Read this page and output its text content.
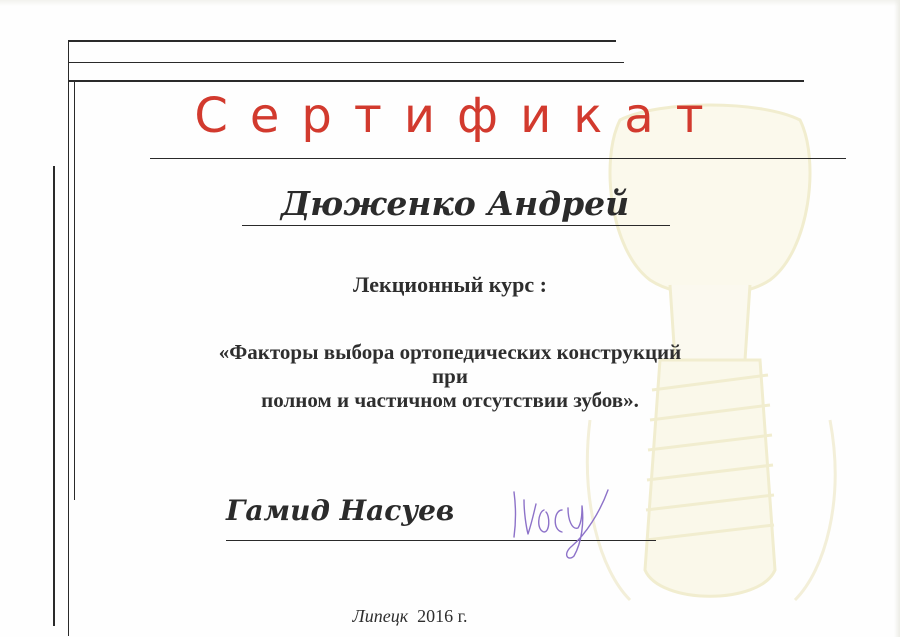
Сертификат
Дюженко Андрей
Лекционный курс :
«Факторы выбора ортопедических конструкций
при
полном и частичном отсутствии зубов».
Гамид Насуев
Липецк 2016 г.
